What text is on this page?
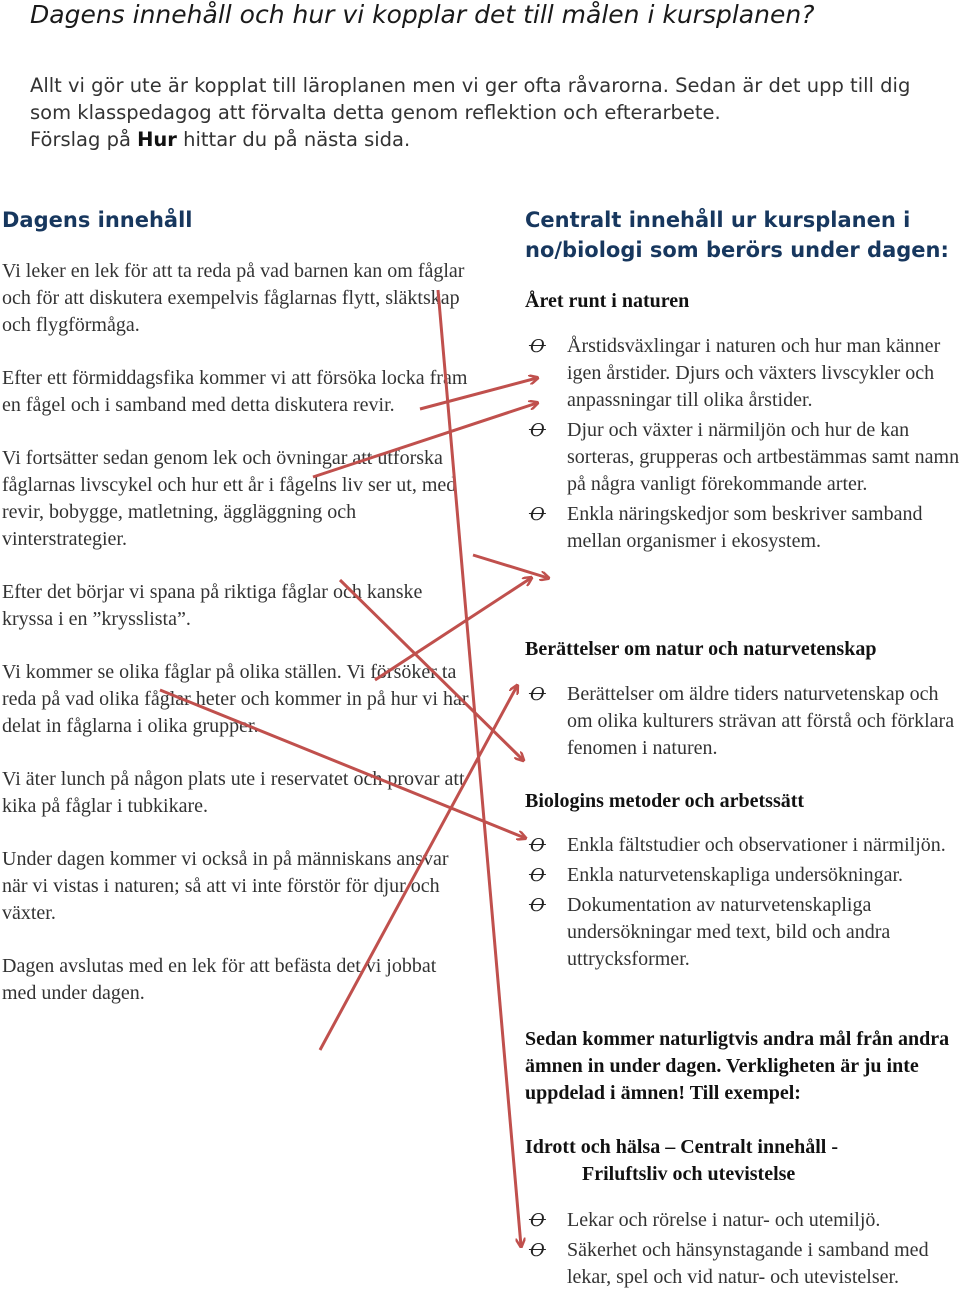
Dagens innehåll och hur vi kopplar det till målen i kursplanen?

Allt vi gör ute är kopplat till läroplanen men vi ger ofta råvarorna. Sedan är det upp till dig som klasspedagog att förvalta detta genom reflektion och efterarbete.
Förslag på Hur hittar du på nästa sida.

Dagens innehåll

Vi leker en lek för att ta reda på vad barnen kan om fåglar och för att diskutera exempelvis fåglarnas flytt, släktskap och flygförmåga.

Efter ett förmiddagsfika kommer vi att försöka locka fram en fågel och i samband med detta diskutera revir.

Vi fortsätter sedan genom lek och övningar att utforska fåglarnas livscykel och hur ett år i fågelns liv ser ut, med revir, bobygge, matletning, äggläggning och vinterstrategier.

Efter det börjar vi spana på riktiga fåglar och kanske kryssa i en ”krysslista”.

Vi kommer se olika fåglar på olika ställen. Vi försöker ta reda på vad olika fåglar heter och kommer in på hur vi har delat in fåglarna i olika grupper.

Vi äter lunch på någon plats ute i reservatet och provar att kika på fåglar i tubkikare.

Under dagen kommer vi också in på människans ansvar när vi vistas i naturen; så att vi inte förstör för djur och växter.

Dagen avslutas med en lek för att befästa det vi jobbat med under dagen.

Centralt innehåll ur kursplanen i no/biologi som berörs under dagen:
Året runt i naturen
Ꝋ Årstidsväxlingar i naturen och hur man känner igen årstider. Djurs och växters livscykler och anpassningar till olika årstider.
Ꝋ Djur och växter i närmiljön och hur de kan sorteras, grupperas och artbestämmas samt namn på några vanligt förekommande arter.
Ꝋ Enkla näringskedjor som beskriver samband mellan organismer i ekosystem.
Berättelser om natur och naturvetenskap
Ꝋ Berättelser om äldre tiders naturvetenskap och om olika kulturers strävan att förstå och förklara fenomen i naturen.
Biologins metoder och arbetssätt
Ꝋ Enkla fältstudier och observationer i närmiljön.
Ꝋ Enkla naturvetenskapliga undersökningar.
Ꝋ Dokumentation av naturvetenskapliga undersökningar med text, bild och andra uttrycksformer.

Sedan kommer naturligtvis andra mål från andra ämnen in under dagen. Verkligheten är ju inte uppdelad i ämnen! Till exempel:

Idrott och hälsa – Centralt innehåll -
Friluftsliv och utevistelse
Ꝋ Lekar och rörelse i natur- och utemiljö.
Ꝋ Säkerhet och hänsynstagande i samband med lekar, spel och vid natur- och utevistelser.
